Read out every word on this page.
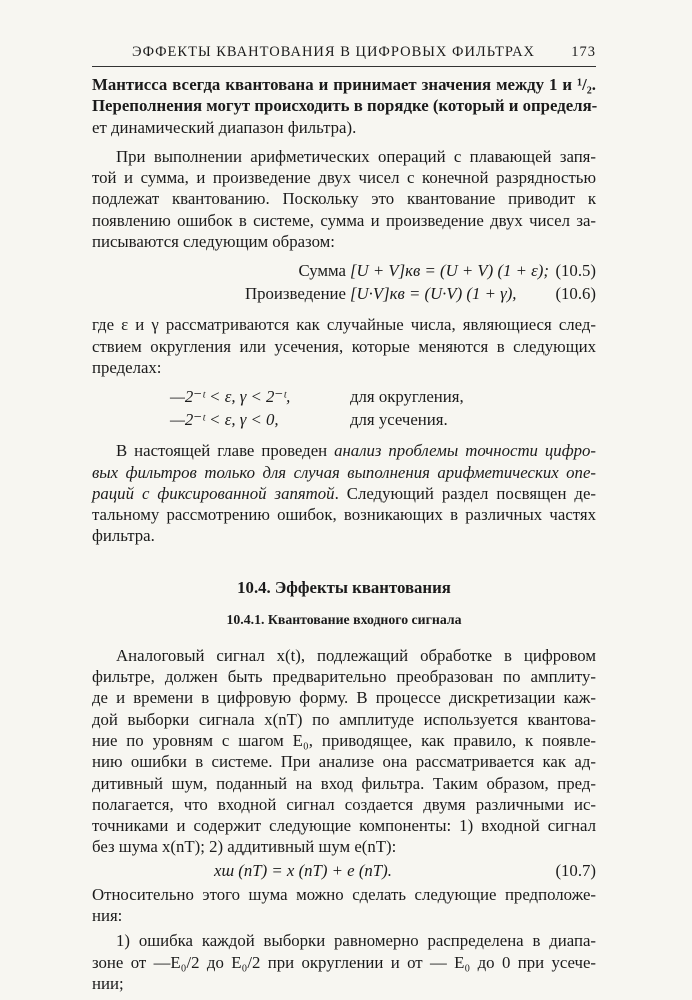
ЭФФЕКТЫ КВАНТОВАНИЯ В ЦИФРОВЫХ ФИЛЬТРАХ 173

Мантисса всегда квантована и принимает значения между 1 и ¹/₂.
Переполнения могут происходить в порядке (который и определя-
ет динамический диапазон фильтра).

При выполнении арифметических операций с плавающей запя-
той и сумма, и произведение двух чисел с конечной разрядностью
подлежат квантованию. Поскольку это квантование приводит к
появлению ошибок в системе, сумма и произведение двух чисел за-
писываются следующим образом:

Сумма [U + V]кв = (U + V) (1 + ε); (10.5)
Произведение [U·V]кв = (U·V) (1 + γ), (10.6)

где ε и γ рассматриваются как случайные числа, являющиеся след-
ствием округления или усечения, которые меняются в следующих
пределах:

—2⁻ᵗ < ε, γ < 2⁻ᵗ,	для округления,
—2⁻ᵗ < ε, γ < 0,	для усечения.

В настоящей главе проведен анализ проблемы точности цифро-
вых фильтров только для случая выполнения арифметических опе-
раций с фиксированной запятой. Следующий раздел посвящен де-
тальному рассмотрению ошибок, возникающих в различных частях
фильтра.

10.4. Эффекты квантования
10.4.1. Квантование входного сигнала

Аналоговый сигнал x(t), подлежащий обработке в цифровом
фильтре, должен быть предварительно преобразован по амплиту-
де и времени в цифровую форму. В процессе дискретизации каж-
дой выборки сигнала x(nT) по амплитуде используется квантова-
ние по уровням с шагом E₀, приводящее, как правило, к появле-
нию ошибки в системе. При анализе она рассматривается как ад-
дитивный шум, поданный на вход фильтра. Таким образом, пред-
полагается, что входной сигнал создается двумя различными ис-
точниками и содержит следующие компоненты: 1) входной сигнал
без шума x(nT); 2) аддитивный шум e(nT):

xш (nT) = x (nT) + e (nT).	(10.7)

Относительно этого шума можно сделать следующие предположе-
ния:

1) ошибка каждой выборки равномерно распределена в диапа-
зоне от —E₀/2 до E₀/2 при округлении и от — E₀ до 0 при усече-
нии;
